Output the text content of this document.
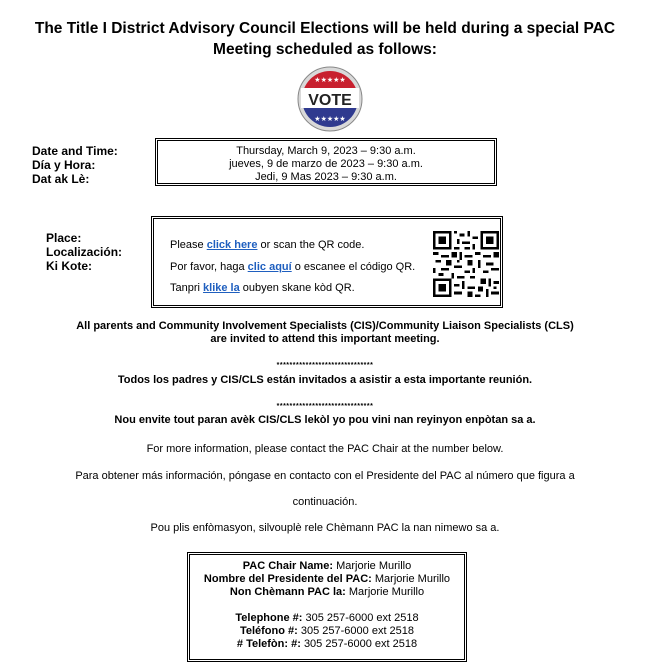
The Title I District Advisory Council Elections will be held during a special PAC
Meeting scheduled as follows:
★★★★★
★★★★★
VOTE
Date and Time:
Día y Hora:
Dat ak Lè:
Thursday, March 9, 2023 – 9:30 a.m.
jueves, 9 de marzo de 2023 – 9:30 a.m.
Jedi, 9 Mas 2023 – 9:30 a.m.
Place:
Localización:
Ki Kote:
Please click here or scan the QR code.
Por favor, haga clic aquí o escanee el código QR.
Tanpri klike la oubyen skane kòd QR.
All parents and Community Involvement Specialists (CIS)/Community Liaison Specialists (CLS)
are invited to attend this important meeting.
******************************
Todos los padres y CIS/CLS están invitados a asistir a esta importante reunión.
******************************
Nou envite tout paran avèk CIS/CLS lekòl yo pou vini nan reyinyon enpòtan sa a.
For more information, please contact the PAC Chair at the number below.
Para obtener más información, póngase en contacto con el Presidente del PAC al número que figura a
continuación.
Pou plis enfòmasyon, silvouplè rele Chèmann PAC la nan nimewo sa a.
PAC Chair Name: Marjorie Murillo
Nombre del Presidente del PAC: Marjorie Murillo
Non Chèmann PAC la: Marjorie Murillo
Telephone #: 305 257-6000 ext 2518
Teléfono #: 305 257-6000 ext 2518
# Telefòn: #: 305 257-6000 ext 2518
